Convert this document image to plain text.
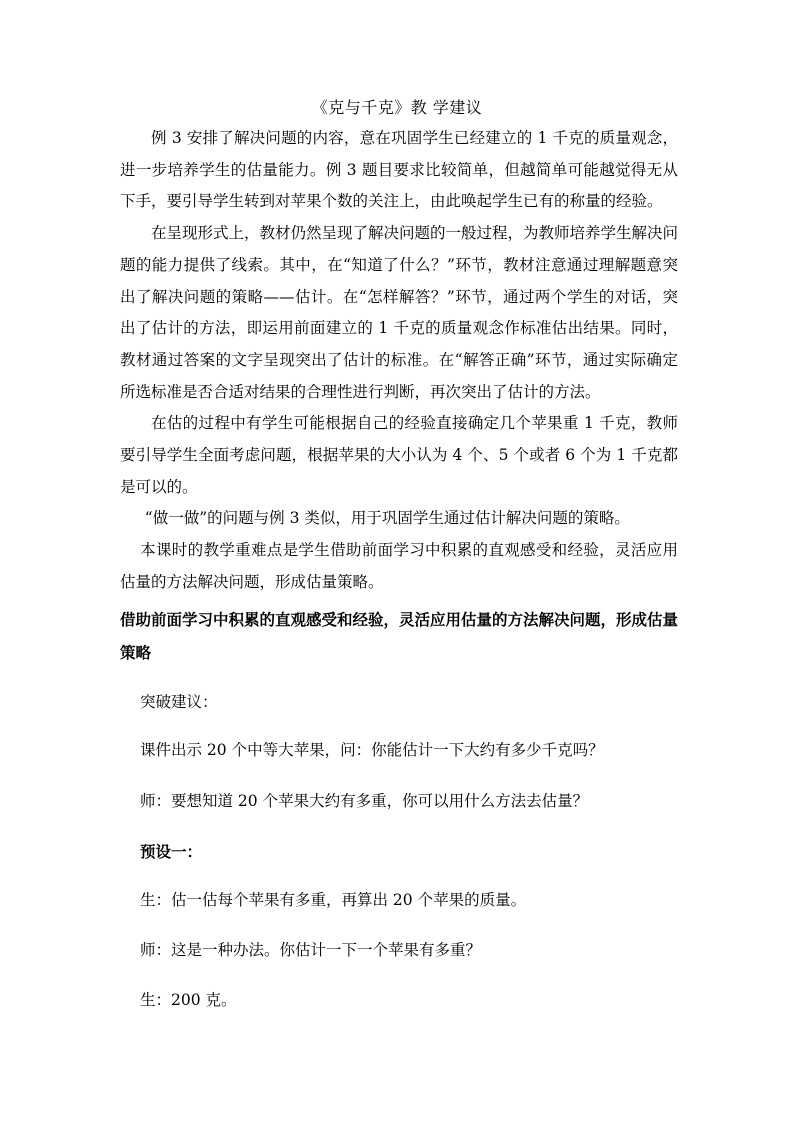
《克与千克》教 学建议

例 3 安排了解决问题的内容，意在巩固学生已经建立的 1 千克的质量观念，进一步培养学生的估量能力。例 3 题目要求比较简单，但越简单可能越觉得无从下手，要引导学生转到对苹果个数的关注上，由此唤起学生已有的称量的经验。

在呈现形式上，教材仍然呈现了解决问题的一般过程，为教师培养学生解决问题的能力提供了线索。其中，在“知道了什么？”环节，教材注意通过理解题意突出了解决问题的策略——估计。在“怎样解答？”环节，通过两个学生的对话，突出了估计的方法，即运用前面建立的 1 千克的质量观念作标准估出结果。同时，教材通过答案的文字呈现突出了估计的标准。在“解答正确”环节，通过实际确定所选标准是否合适对结果的合理性进行判断，再次突出了估计的方法。

在估的过程中有学生可能根据自己的经验直接确定几个苹果重 1 千克，教师要引导学生全面考虑问题，根据苹果的大小认为 4 个、5 个或者 6 个为 1 千克都是可以的。

“做一做”的问题与例 3 类似，用于巩固学生通过估计解决问题的策略。

本课时的教学重难点是学生借助前面学习中积累的直观感受和经验，灵活应用估量的方法解决问题，形成估量策略。

借助前面学习中积累的直观感受和经验，灵活应用估量的方法解决问题，形成估量策略
突破建议：
课件出示 20 个中等大苹果，问：你能估计一下大约有多少千克吗？
师：要想知道 20 个苹果大约有多重，你可以用什么方法去估量？
预设一：
生：估一估每个苹果有多重，再算出 20 个苹果的质量。
师：这是一种办法。你估计一下一个苹果有多重？
生：200 克。
